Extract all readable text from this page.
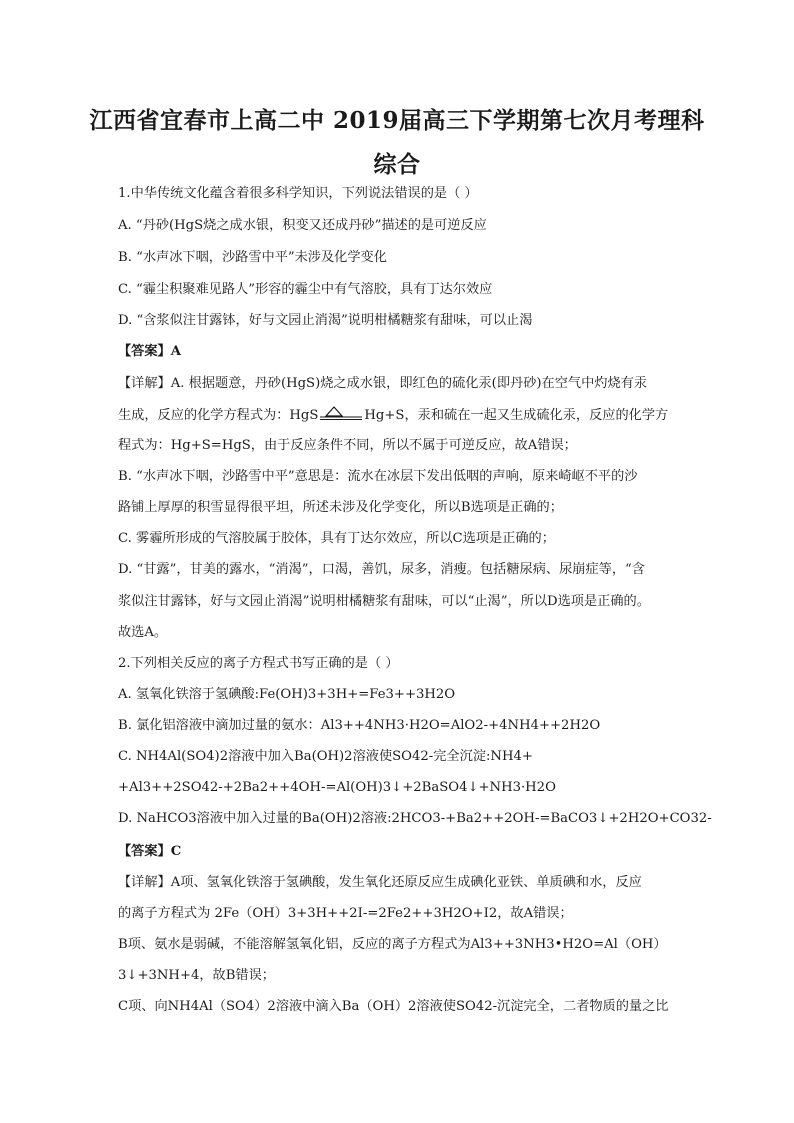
江西省宜春市上高二中 2019届高三下学期第七次月考理科
综合
1.中华传统文化蕴含着很多科学知识，下列说法错误的是（ ）
A. “丹砂(HgS烧之成水银，积变又还成丹砂”描述的是可逆反应
B. “水声冰下咽，沙路雪中平”未涉及化学变化
C. “霾尘积聚难见路人”形容的霾尘中有气溶胶，具有丁达尔效应
D. “含浆似注甘露钵，好与文园止消渴”说明柑橘糖浆有甜味，可以止渴
【答案】A
【详解】A. 根据题意，丹砂(HgS)烧之成水银，即红色的硫化汞(即丹砂)在空气中灼烧有汞
生成，反应的化学方程式为：HgS	Hg+S，汞和硫在一起又生成硫化汞，反应的化学方
程式为：Hg+S=HgS，由于反应条件不同，所以不属于可逆反应，故A错误；
B. “水声冰下咽，沙路雪中平”意思是：流水在冰层下发出低咽的声响，原来崎岖不平的沙
路铺上厚厚的积雪显得很平坦，所述未涉及化学变化，所以B选项是正确的；
C. 雾霾所形成的气溶胶属于胶体，具有丁达尔效应，所以C选项是正确的；
D. “甘露”，甘美的露水，“消渴”，口渴，善饥，尿多，消瘦。包括糖尿病、尿崩症等，“含
浆似注甘露钵，好与文园止消渴”说明柑橘糖浆有甜味，可以“止渴”，所以D选项是正确的。
故选A。
2.下列相关反应的离子方程式书写正确的是（ ）
A. 氢氧化铁溶于氢碘酸:Fe(OH)3+3H+=Fe3++3H2O
B. 氯化铝溶液中滴加过量的氨水：Al3++4NH3·H2O=AlO2-+4NH4++2H2O
C. NH4Al(SO4)2溶液中加入Ba(OH)2溶液使SO42-完全沉淀:NH4+
+Al3++2SO42-+2Ba2++4OH-=Al(OH)3↓+2BaSO4↓+NH3·H2O
D. NaHCO3溶液中加入过量的Ba(OH)2溶液:2HCO3-+Ba2++2OH-=BaCO3↓+2H2O+CO32-
【答案】C
【详解】A项、氢氧化铁溶于氢碘酸，发生氧化还原反应生成碘化亚铁、单质碘和水，反应
的离子方程式为 2Fe（OH）3+3H++2I-=2Fe2++3H2O+I2，故A错误；
B项、氨水是弱碱，不能溶解氢氧化铝，反应的离子方程式为Al3++3NH3•H2O=Al（OH）
3↓+3NH+4，故B错误；
C项、向NH4Al（SO4）2溶液中滴入Ba（OH）2溶液使SO42-沉淀完全，二者物质的量之比
